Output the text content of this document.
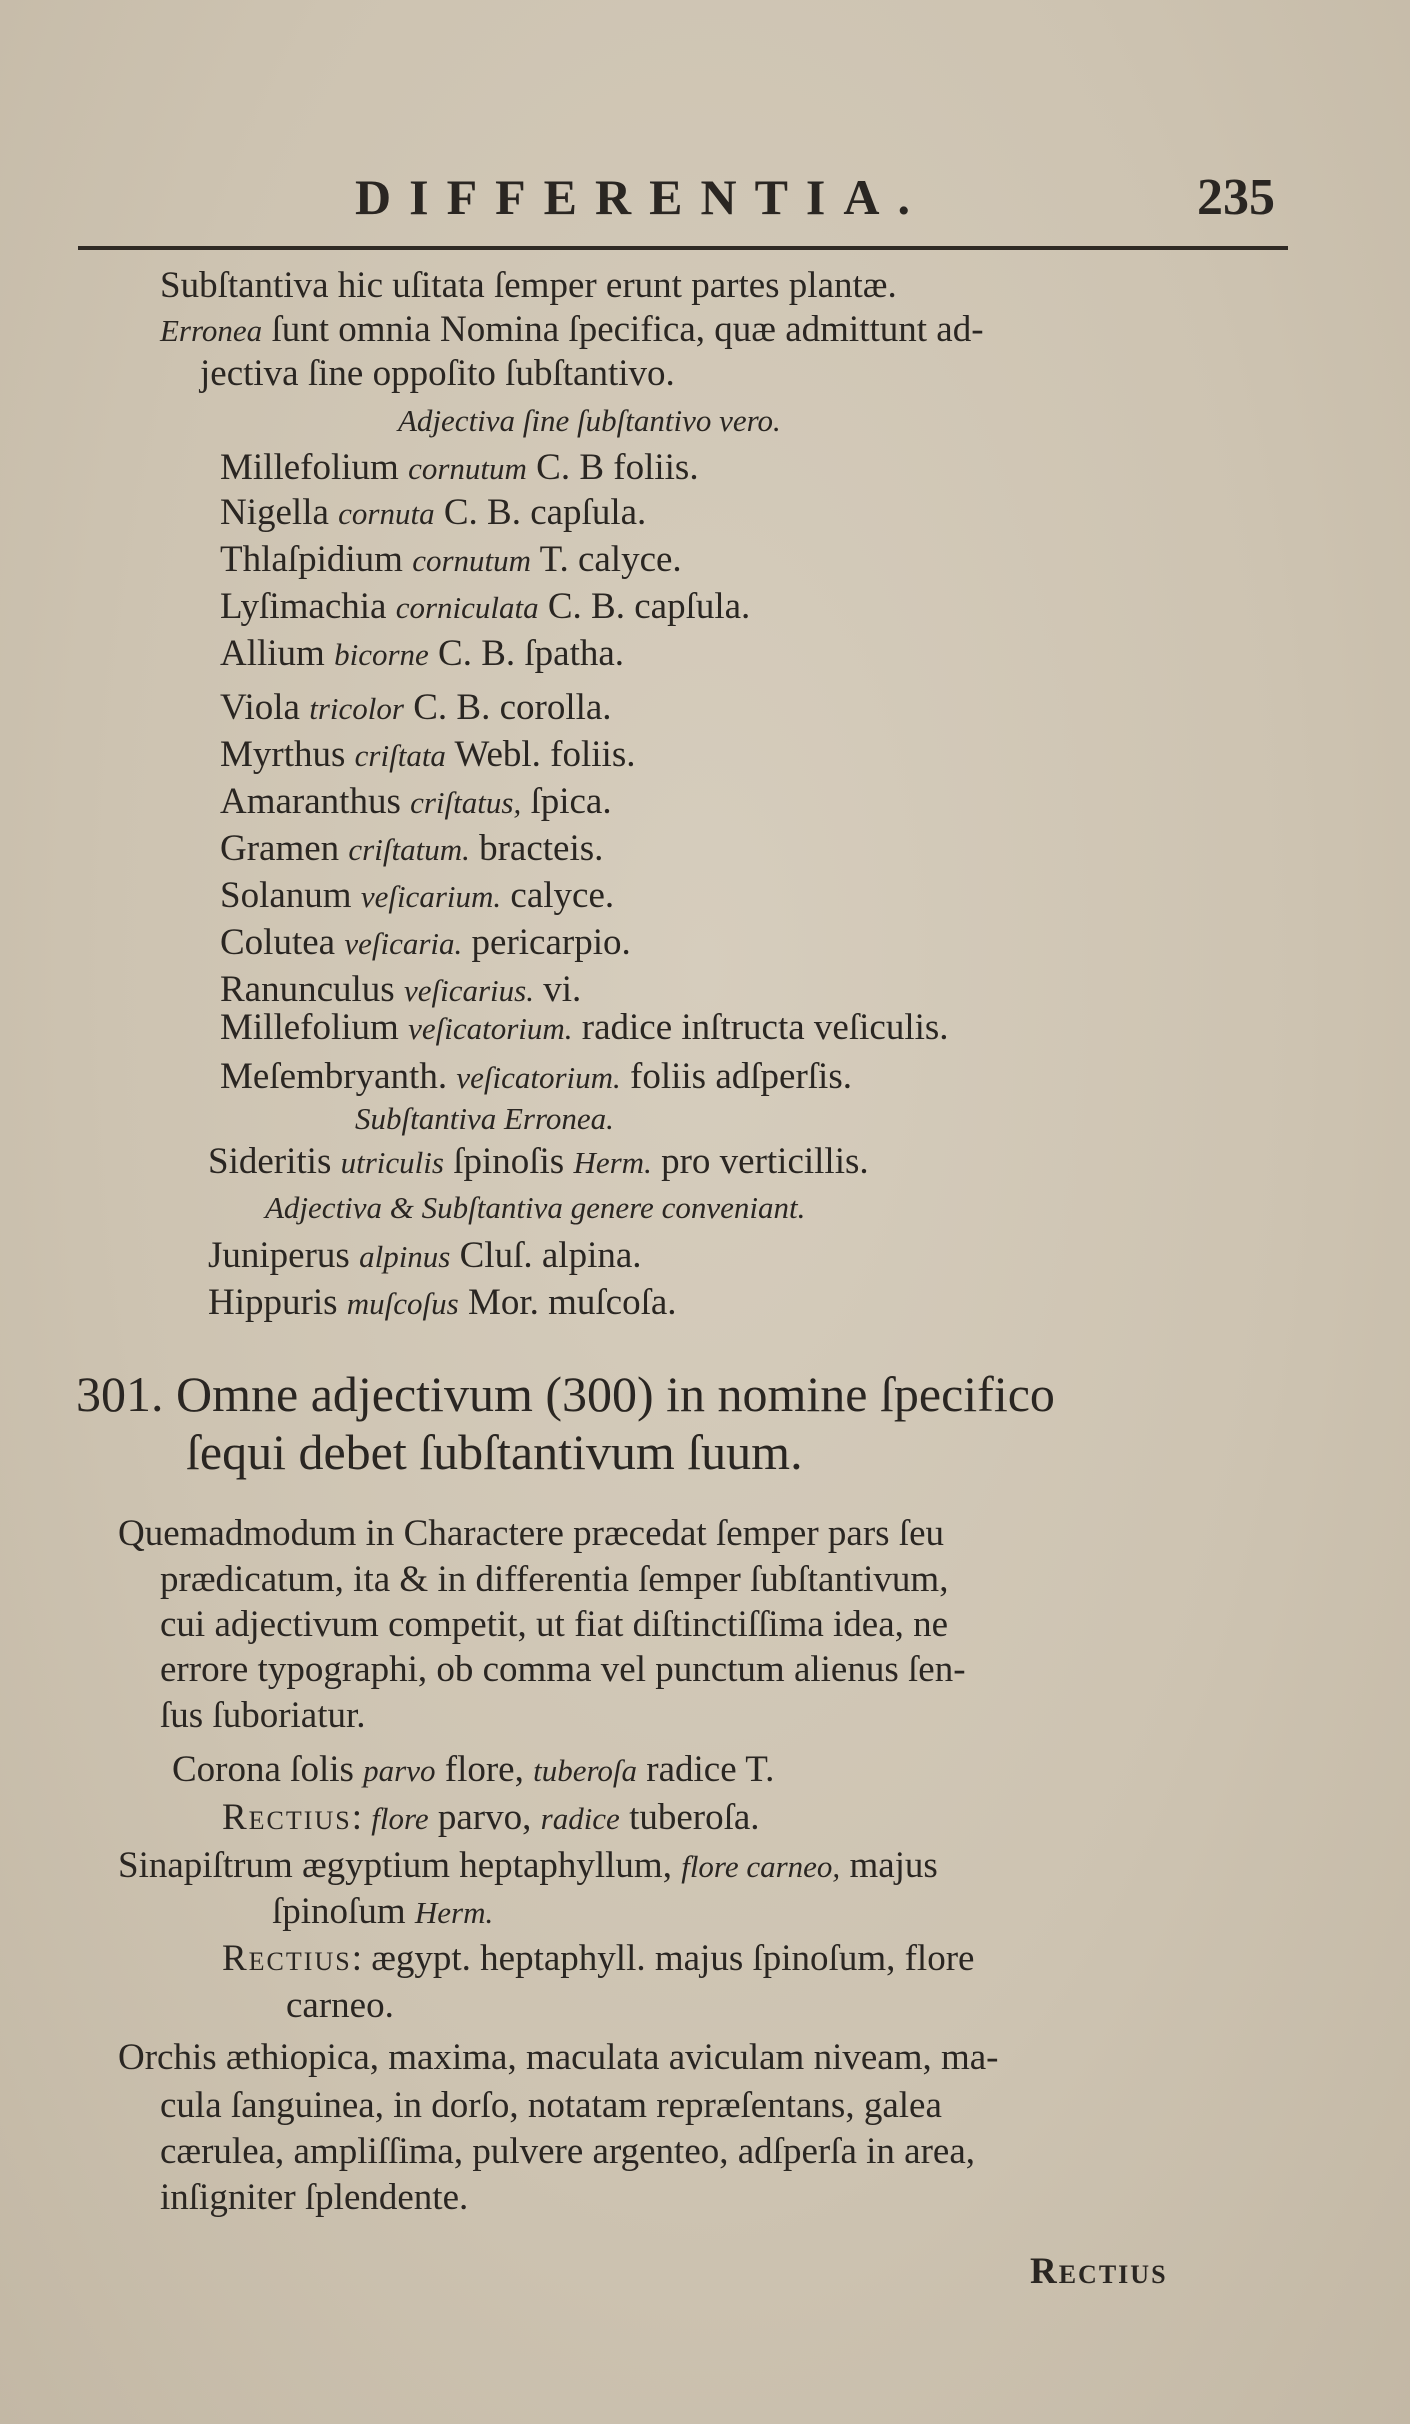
DIFFERENTIA.	235
Subſtantiva hic uſitata ſemper erunt partes plantæ.
Erronea ſunt omnia Nomina ſpecifica, quæ admittunt ad-
jectiva ſine oppoſito ſubſtantivo.
Adjectiva ſine ſubſtantivo vero.
Millefolium cornutum C. B foliis.
Nigella cornuta C. B. capſula.
Thlaſpidium cornutum T. calyce.
Lyſimachia corniculata C. B. capſula.
Allium bicorne C. B. ſpatha.
Viola tricolor C. B. corolla.
Myrthus criſtata Webl. foliis.
Amaranthus criſtatus, ſpica.
Gramen criſtatum. bracteis.
Solanum veſicarium. calyce.
Colutea veſicaria. pericarpio.
Ranunculus veſicarius. vi.
Millefolium veſicatorium. radice inſtructa veſiculis.
Meſembryanth. veſicatorium. foliis adſperſis.
Subſtantiva Erronea.
Sideritis utriculis ſpinoſis Herm. pro verticillis.
Adjectiva & Subſtantiva genere conveniant.
Juniperus alpinus Cluſ. alpina.
Hippuris muſcoſus Mor. muſcoſa.
301. Omne adjectivum (300) in nomine ſpecifico
ſequi debet ſubſtantivum ſuum.
Quemadmodum in Charactere præcedat ſemper pars ſeu
prædicatum, ita & in differentia ſemper ſubſtantivum,
cui adjectivum competit, ut fiat diſtinctiſſima idea, ne
errore typographi, ob comma vel punctum alienus ſen-
ſus ſuboriatur.
Corona ſolis parvo flore, tuberoſa radice T.
Rectius: flore parvo, radice tuberoſa.
Sinapiſtrum ægyptium heptaphyllum, flore carneo, majus
ſpinoſum Herm.
Rectius: ægypt. heptaphyll. majus ſpinoſum, flore
carneo.
Orchis æthiopica, maxima, maculata aviculam niveam, ma-
cula ſanguinea, in dorſo, notatam repræſentans, galea
cærulea, ampliſſima, pulvere argenteo, adſperſa in area,
inſigniter ſplendente.
Rectius
